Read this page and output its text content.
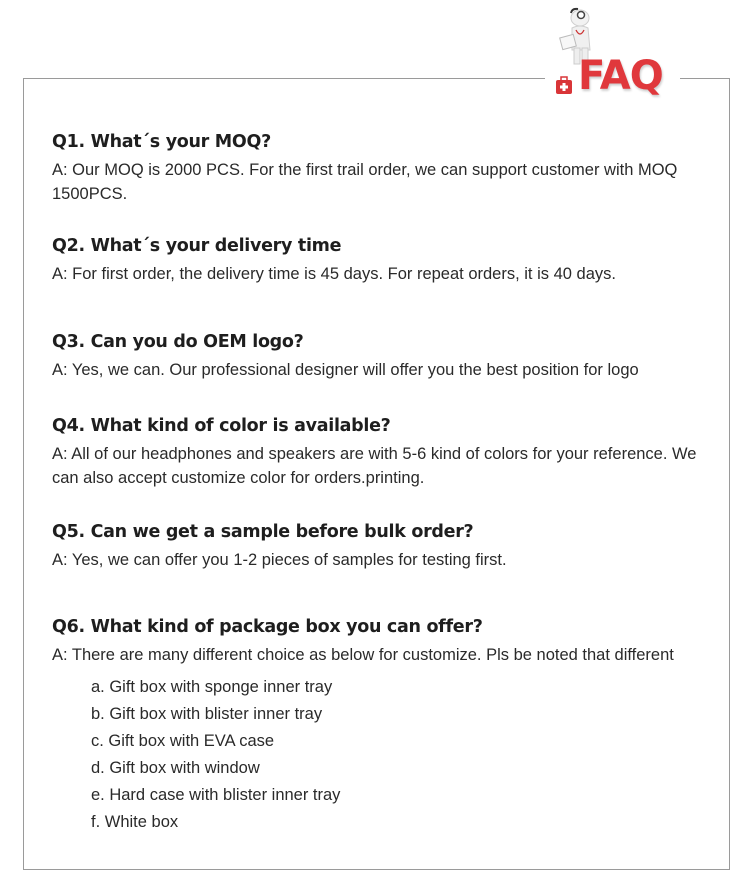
FAQ

Q1. What´s your MOQ?

A: Our MOQ is 2000 PCS. For the first trail order, we can support customer with MOQ 1500PCS.

Q2. What´s your delivery time

A: For first order, the delivery time is 45 days. For repeat orders, it is 40 days.

Q3. Can you do OEM logo?

A: Yes, we can. Our professional designer will offer you the best position for logo

Q4. What kind of color is available?

A: All of our headphones and speakers are with 5-6 kind of colors for your reference. We can also accept customize color for orders.printing.

Q5. Can we get a sample before bulk order?

A: Yes, we can offer you 1-2 pieces of samples for testing first.

Q6. What kind of package box you can offer?

A: There are many different choice as below for customize. Pls be noted that different

a. Gift box with sponge inner tray
b. Gift box with blister inner tray
c. Gift box with EVA case
d. Gift box with window
e. Hard case with blister inner tray
f. White box
